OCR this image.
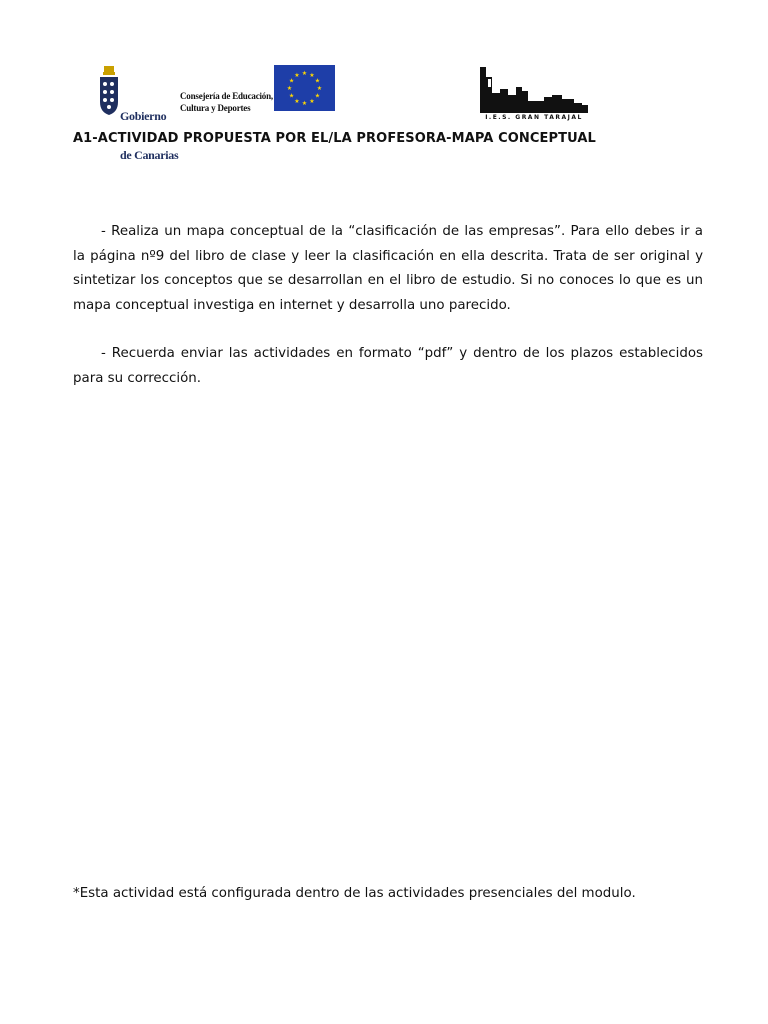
Gobierno

de Canarias

Consejería de Educación,
Cultura y Deportes
★ ★
★
★
★
★
★
★
★
★
★
★
I.E.S. GRAN TARAJAL
A1-ACTIVIDAD PROPUESTA POR EL/LA PROFESORA-MAPA CONCEPTUAL
- Realiza un mapa conceptual de la “clasificación de las empresas”. Para ello debes ir a la página nº9 del libro de clase y leer la clasificación en ella descrita. Trata de ser original y sintetizar los conceptos que se desarrollan en el libro de estudio. Si no conoces lo que es un mapa conceptual investiga en internet y desarrolla uno parecido.
- Recuerda enviar las actividades en formato “pdf” y dentro de los plazos establecidos para su corrección.
*Esta actividad está configurada dentro de las actividades presenciales del modulo.
